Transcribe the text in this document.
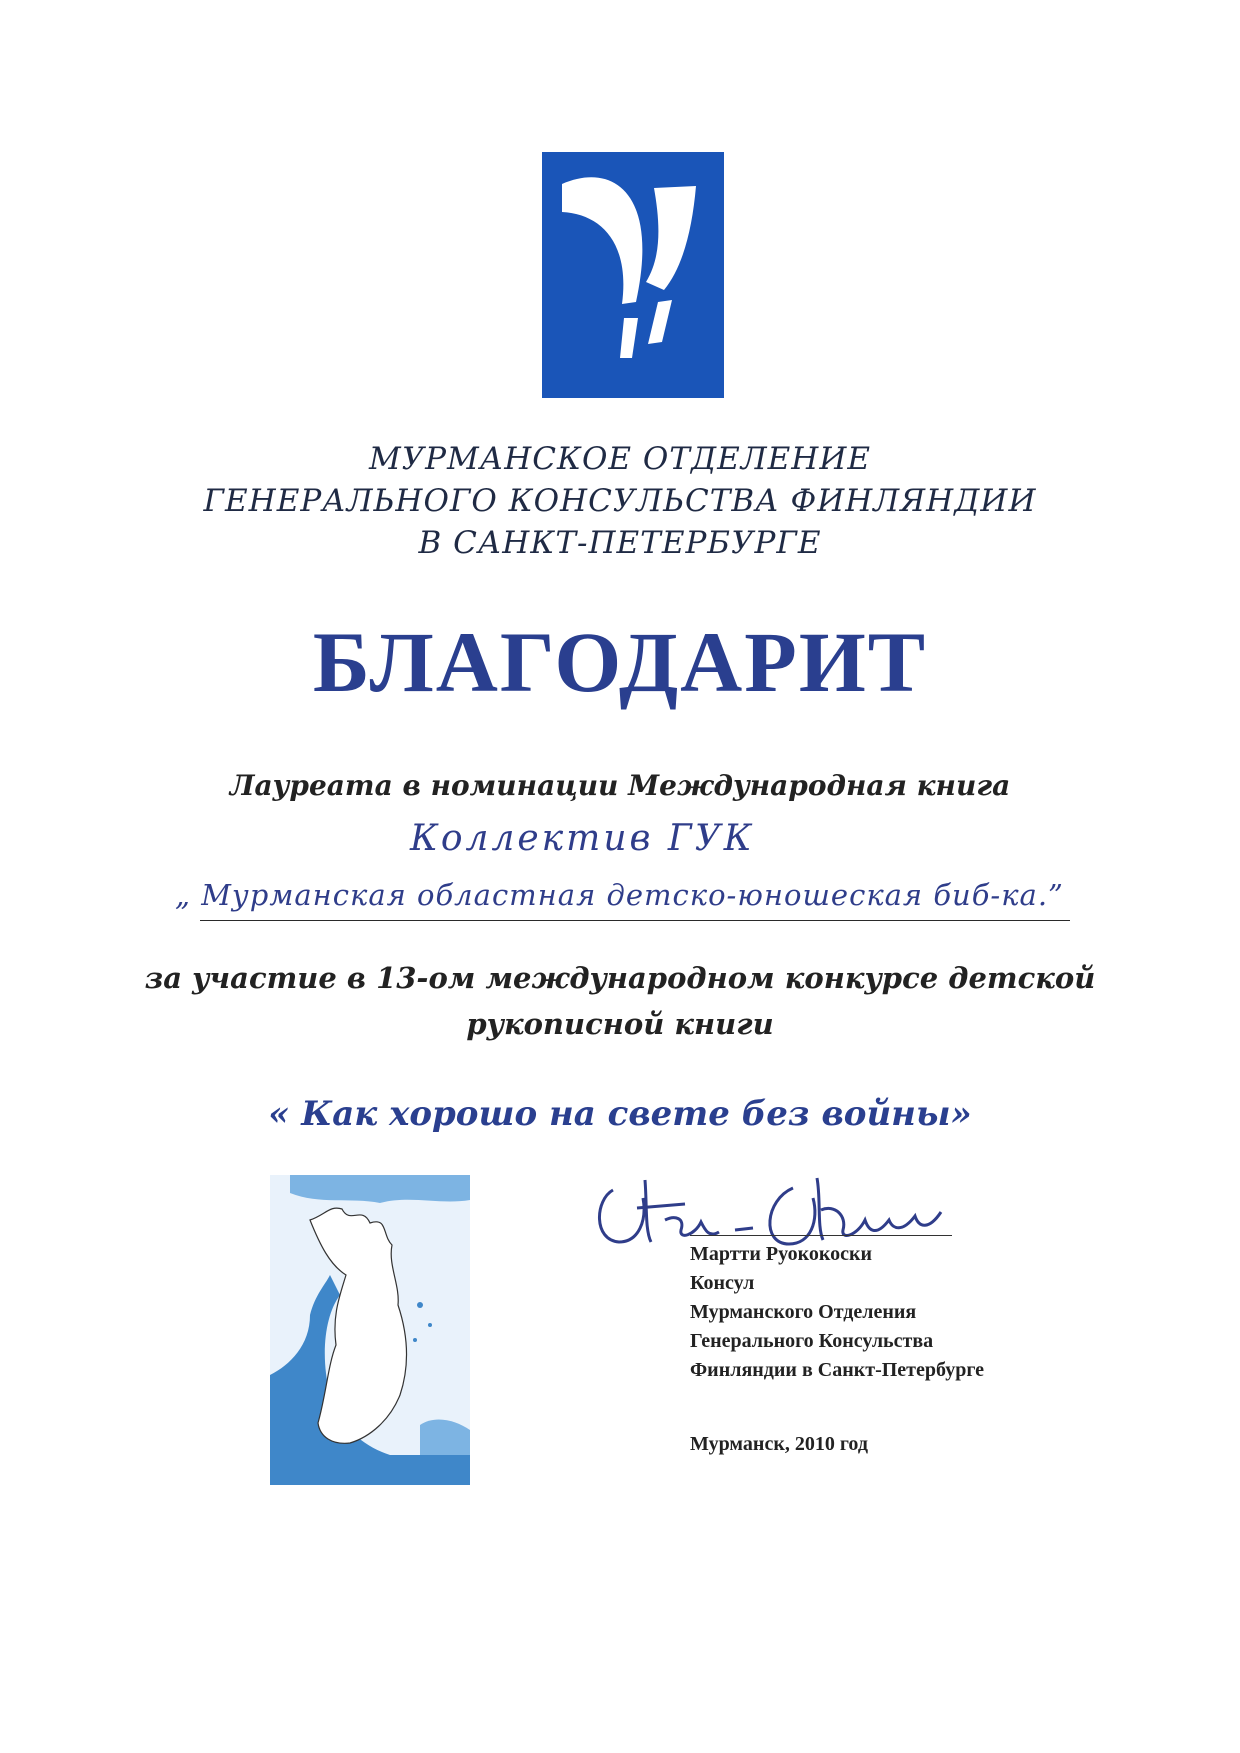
МУРМАНСКОЕ ОТДЕЛЕНИЕ
ГЕНЕРАЛЬНОГО КОНСУЛЬСТВА ФИНЛЯНДИИ
В САНКТ-ПЕТЕРБУРГЕ
БЛАГОДАРИТ
Лауреата в номинации Международная книга
Коллектив ГУК
„ Мурманская областная детско-юношеская биб-ка.”
за участие в 13-ом международном конкурсе детской
рукописной книги
« Как хорошо на свете без войны»
Мартти Руококоски
Консул
Мурманского Отделения
Генерального Консульства
Финляндии в Санкт-Петербурге
Мурманск, 2010 год
